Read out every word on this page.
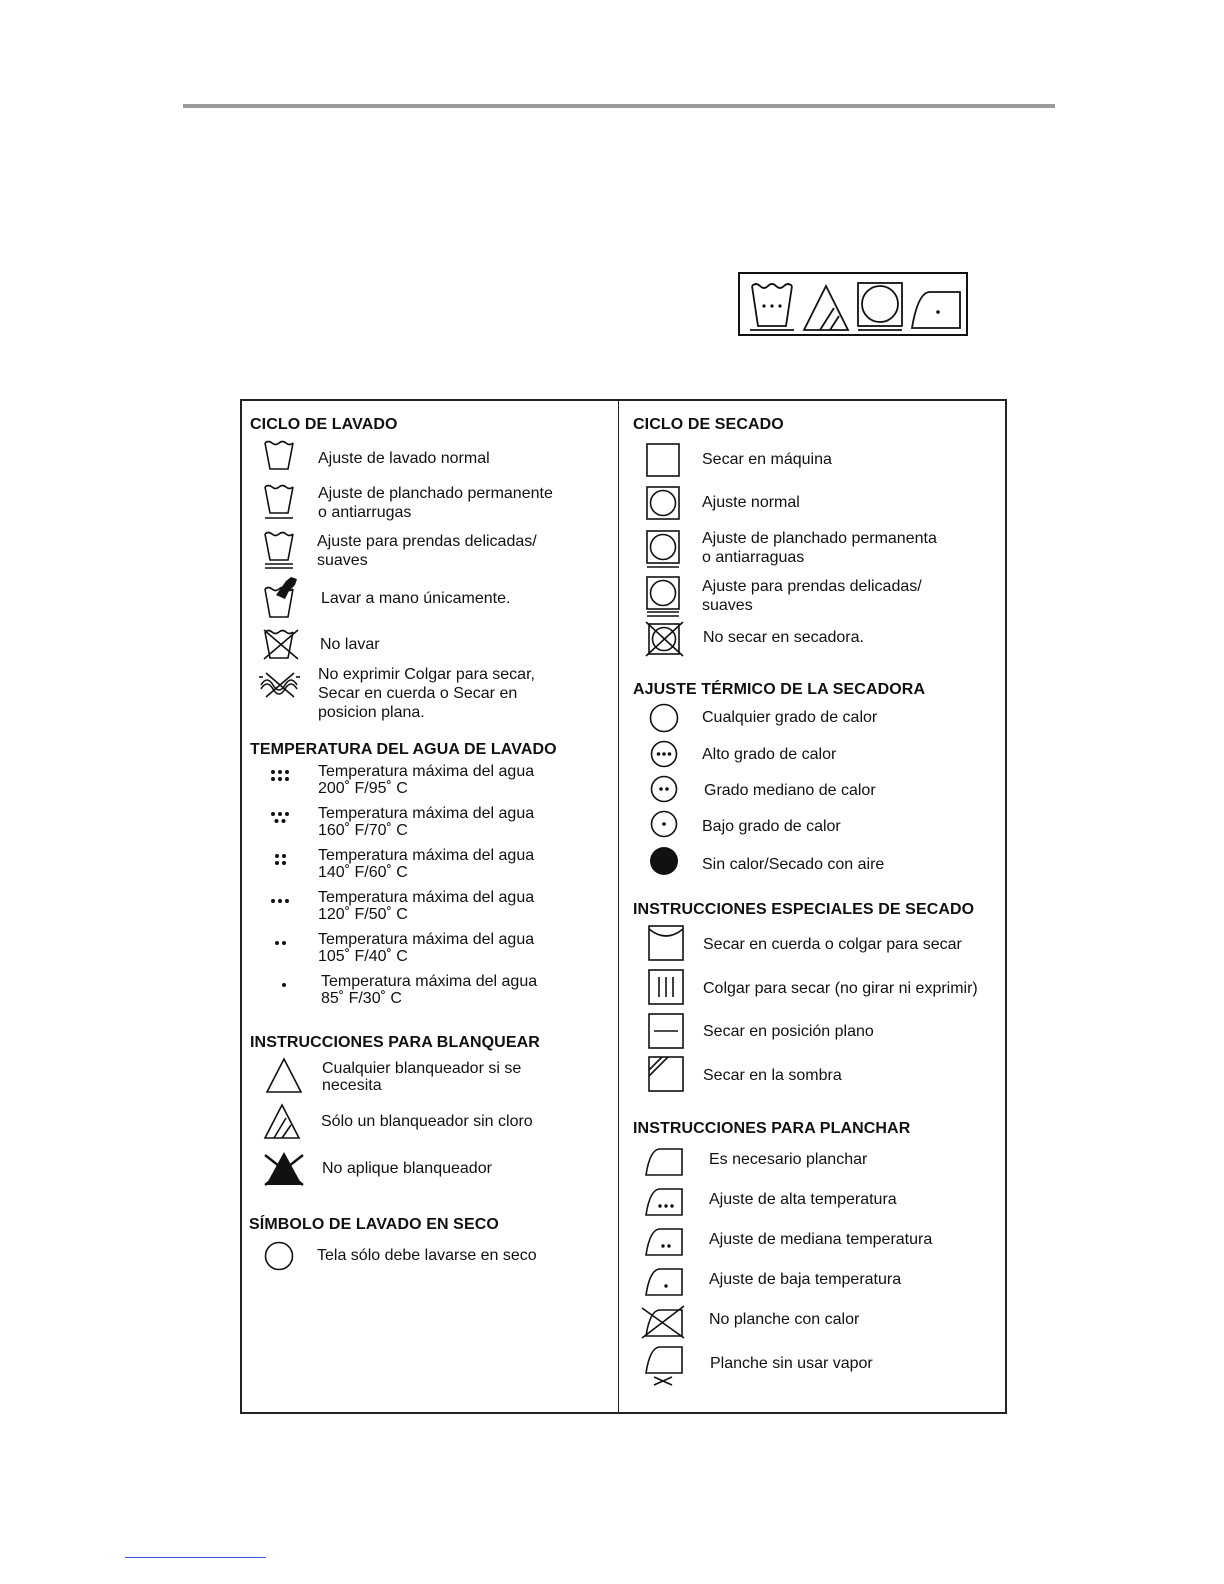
CICLO DE LAVADO
Ajuste de lavado normal
Ajuste de planchado permanente
o antiarrugas
Ajuste para prendas delicadas/
suaves
Lavar a mano únicamente.
No lavar
No exprimir Colgar para secar,
Secar en cuerda o Secar en
posicion plana.
TEMPERATURA DEL AGUA DE LAVADO
Temperatura máxima del agua
200˚ F/95˚ C
Temperatura máxima del agua
160˚ F/70˚ C
Temperatura máxima del agua
140˚ F/60˚ C
Temperatura máxima del agua
120˚ F/50˚ C
Temperatura máxima del agua
105˚ F/40˚ C
Temperatura máxima del agua
85˚ F/30˚ C
INSTRUCCIONES PARA BLANQUEAR
Cualquier blanqueador si se
necesita
Sólo un blanqueador sin cloro
No aplique blanqueador
SÍMBOLO DE LAVADO EN SECO
Tela sólo debe lavarse en seco
CICLO DE SECADO
Secar en máquina
Ajuste normal
Ajuste de planchado permanenta
o antiarraguas
Ajuste para prendas delicadas/
suaves
No secar en secadora.
AJUSTE TÉRMICO DE LA SECADORA
Cualquier grado de calor
Alto grado de calor
Grado mediano de calor
Bajo grado de calor
Sin calor/Secado con aire
INSTRUCCIONES ESPECIALES DE SECADO
Secar en cuerda o colgar para secar
Colgar para secar (no girar ni exprimir)
Secar en posición plano
Secar en la sombra
INSTRUCCIONES PARA PLANCHAR
Es necesario planchar
Ajuste de alta temperatura
Ajuste de mediana temperatura
Ajuste de baja temperatura
No planche con calor
Planche sin usar vapor
